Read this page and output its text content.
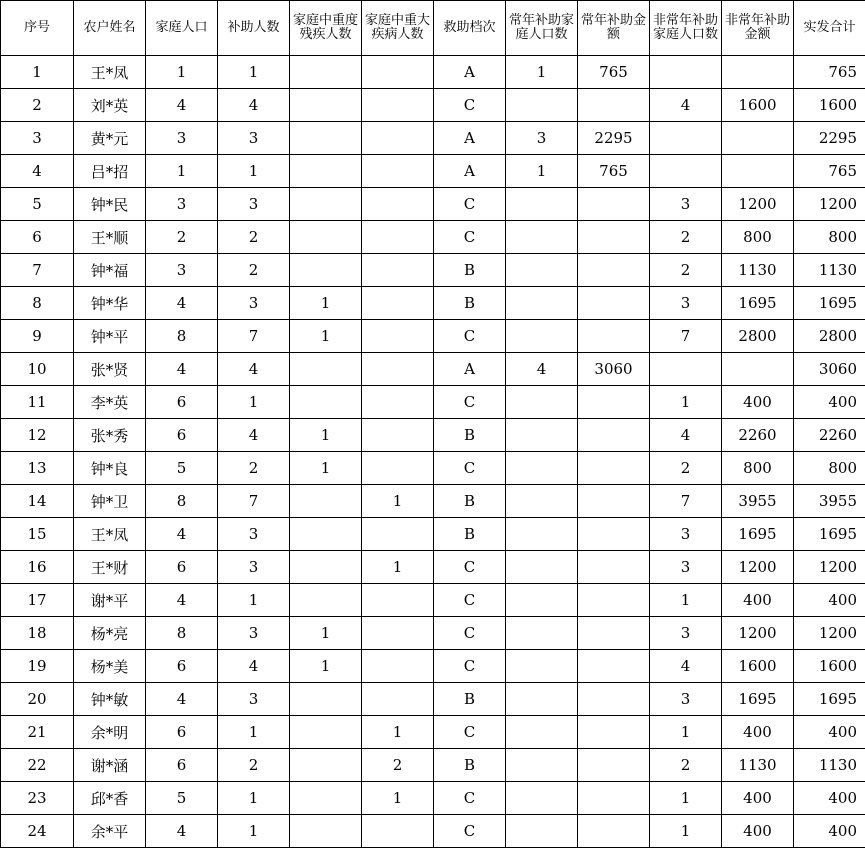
序号	农户姓名	家庭人口	补助人数	家庭中重度残疾人数	家庭中重大疾病人数	救助档次	常年补助家庭人口数	常年补助金额	非常年补助家庭人口数	非常年补助金额	实发合计
1	王*凤	1	1			A	1	765			765
2	刘*英	4	4			C			4	1600	1600
3	黄*元	3	3			A	3	2295			2295
4	吕*招	1	1			A	1	765			765
5	钟*民	3	3			C			3	1200	1200
6	王*顺	2	2			C			2	800	800
7	钟*福	3	2			B			2	1130	1130
8	钟*华	4	3	1		B			3	1695	1695
9	钟*平	8	7	1		C			7	2800	2800
10	张*贤	4	4			A	4	3060			3060
11	李*英	6	1			C			1	400	400
12	张*秀	6	4	1		B			4	2260	2260
13	钟*良	5	2	1		C			2	800	800
14	钟*卫	8	7		1	B			7	3955	3955
15	王*凤	4	3			B			3	1695	1695
16	王*财	6	3		1	C			3	1200	1200
17	谢*平	4	1			C			1	400	400
18	杨*亮	8	3	1		C			3	1200	1200
19	杨*美	6	4	1		C			4	1600	1600
20	钟*敏	4	3			B			3	1695	1695
21	余*明	6	1		1	C			1	400	400
22	谢*涵	6	2		2	B			2	1130	1130
23	邱*香	5	1		1	C			1	400	400
24	余*平	4	1			C			1	400	400
